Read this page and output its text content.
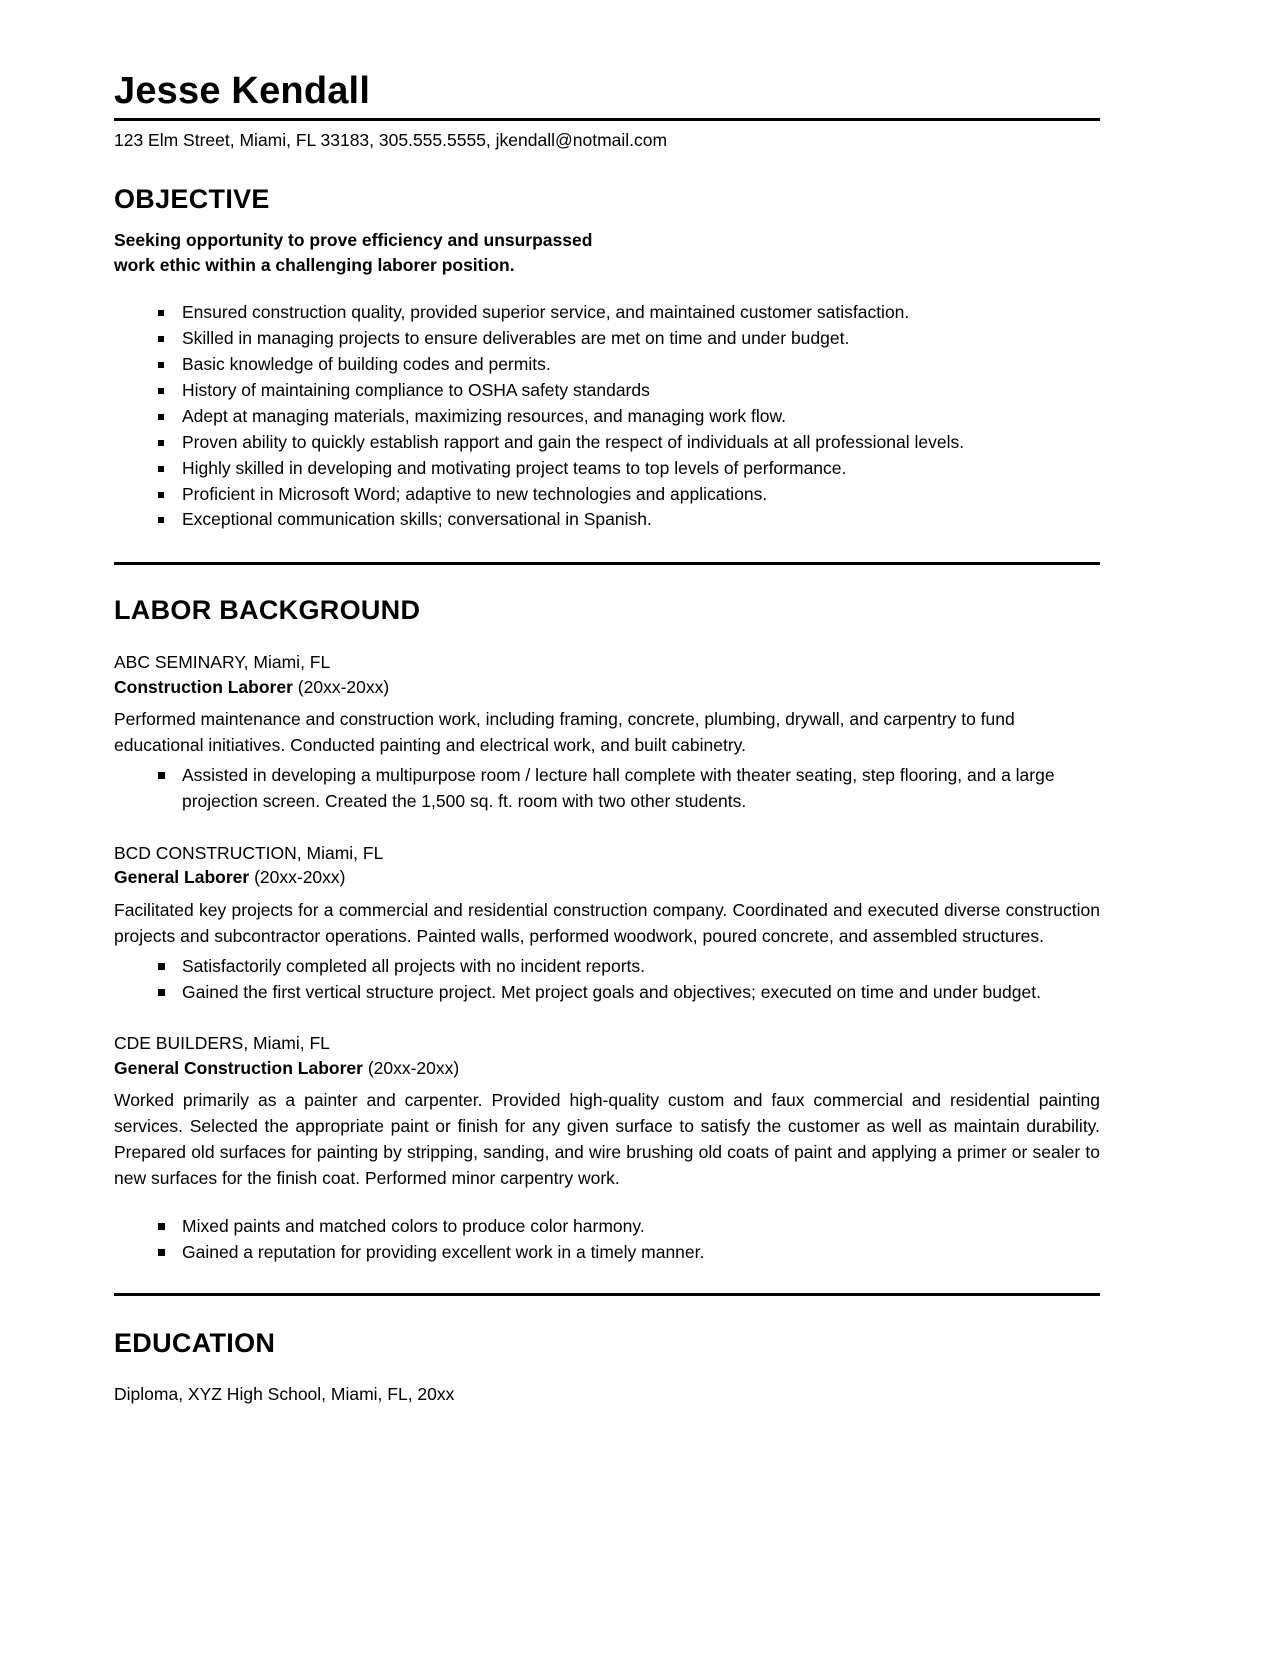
Jesse Kendall
123 Elm Street, Miami, FL 33183, 305.555.5555, jkendall@notmail.com
OBJECTIVE
Seeking opportunity to prove efficiency and unsurpassed
work ethic within a challenging laborer position.
Ensured construction quality, provided superior service, and maintained customer satisfaction.
Skilled in managing projects to ensure deliverables are met on time and under budget.
Basic knowledge of building codes and permits.
History of maintaining compliance to OSHA safety standards
Adept at managing materials, maximizing resources, and managing work flow.
Proven ability to quickly establish rapport and gain the respect of individuals at all professional levels.
Highly skilled in developing and motivating project teams to top levels of performance.
Proficient in Microsoft Word; adaptive to new technologies and applications.
Exceptional communication skills; conversational in Spanish.
LABOR BACKGROUND
ABC SEMINARY, Miami, FL
Construction Laborer (20xx-20xx)
Performed maintenance and construction work, including framing, concrete, plumbing, drywall, and carpentry to fund educational initiatives. Conducted painting and electrical work, and built cabinetry.
Assisted in developing a multipurpose room / lecture hall complete with theater seating, step flooring, and a large projection screen. Created the 1,500 sq. ft. room with two other students.
BCD CONSTRUCTION, Miami, FL
General Laborer (20xx-20xx)
Facilitated key projects for a commercial and residential construction company. Coordinated and executed diverse construction projects and subcontractor operations. Painted walls, performed woodwork, poured concrete, and assembled structures.
Satisfactorily completed all projects with no incident reports.
Gained the first vertical structure project. Met project goals and objectives; executed on time and under budget.
CDE BUILDERS, Miami, FL
General Construction Laborer (20xx-20xx)
Worked primarily as a painter and carpenter. Provided high-quality custom and faux commercial and residential painting services. Selected the appropriate paint or finish for any given surface to satisfy the customer as well as maintain durability. Prepared old surfaces for painting by stripping, sanding, and wire brushing old coats of paint and applying a primer or sealer to new surfaces for the finish coat. Performed minor carpentry work.
Mixed paints and matched colors to produce color harmony.
Gained a reputation for providing excellent work in a timely manner.
EDUCATION
Diploma, XYZ High School, Miami, FL, 20xx
